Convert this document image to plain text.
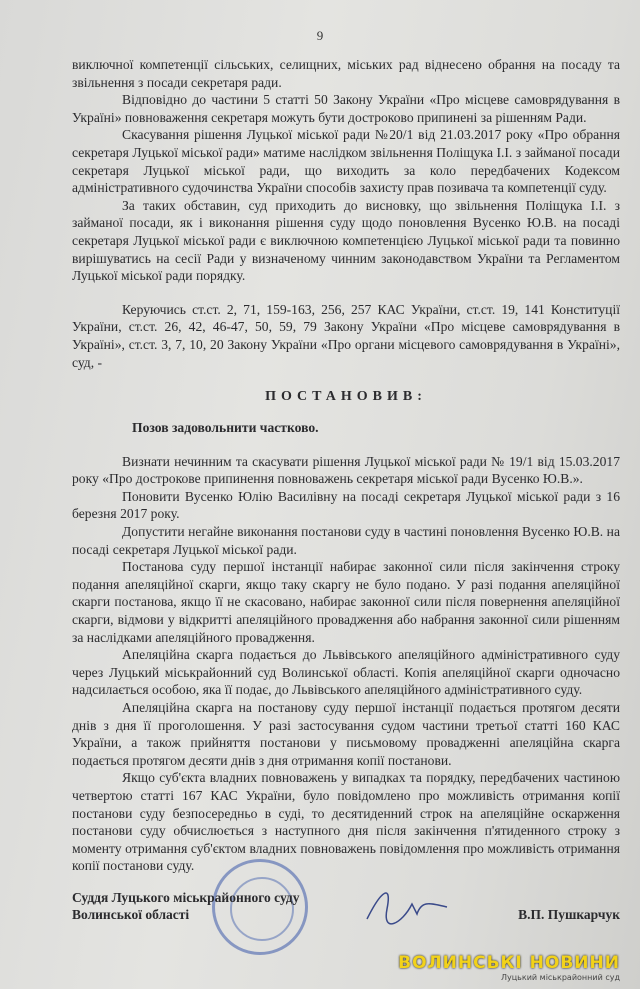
9

виключної компетенції сільських, селищних, міських рад віднесено обрання на посаду та звільнення з посади секретаря ради.

Відповідно до частини 5 статті 50 Закону України «Про місцеве самоврядування в Україні» повноваження секретаря можуть бути достроково припинені за рішенням Ради.

Скасування рішення Луцької міської ради №20/1 від 21.03.2017 року «Про обрання секретаря Луцької міської ради» матиме наслідком звільнення Поліщука І.І. з займаної посади секретаря Луцької міської ради, що виходить за коло передбачених Кодексом адміністративного судочинства України способів захисту прав позивача та компетенції суду.

За таких обставин, суд приходить до висновку, що звільнення Поліщука І.І. з займаної посади, як і виконання рішення суду щодо поновлення Вусенко Ю.В. на посаді секретаря Луцької міської ради є виключною компетенцією Луцької міської ради та повинно вирішуватись на сесії Ради у визначеному чинним законодавством України та Регламентом Луцької міської ради порядку.

Керуючись ст.ст. 2, 71, 159-163, 256, 257 КАС України, ст.ст. 19, 141 Конституції України, ст.ст. 26, 42, 46-47, 50, 59, 79 Закону України «Про місцеве самоврядування в Україні», ст.ст. 3, 7, 10, 20 Закону України «Про органи місцевого самоврядування в Україні», суд, -

ПОСТАНОВИВ:

Позов задовольнити частково.

Визнати нечинним та скасувати рішення Луцької міської ради № 19/1 від 15.03.2017 року «Про дострокове припинення повноважень секретаря міської ради Вусенко Ю.В.».

Поновити Вусенко Юлію Василівну на посаді секретаря Луцької міської ради з 16 березня 2017 року.

Допустити негайне виконання постанови суду в частині поновлення Вусенко Ю.В. на посаді секретаря Луцької міської ради.

Постанова суду першої інстанції набирає законної сили після закінчення строку подання апеляційної скарги, якщо таку скаргу не було подано. У разі подання апеляційної скарги постанова, якщо її не скасовано, набирає законної сили після повернення апеляційної скарги, відмови у відкритті апеляційного провадження або набрання законної сили рішенням за наслідками апеляційного провадження.

Апеляційна скарга подається до Львівського апеляційного адміністративного суду через Луцький міськрайонний суд Волинської області. Копія апеляційної скарги одночасно надсилається особою, яка її подає, до Львівського апеляційного адміністративного суду.

Апеляційна скарга на постанову суду першої інстанції подається протягом десяти днів з дня її проголошення. У разі застосування судом частини третьої статті 160 КАС України, а також прийняття постанови у письмовому провадженні апеляційна скарга подається протягом десяти днів з дня отримання копії постанови.

Якщо суб'єкта владних повноважень у випадках та порядку, передбачених частиною четвертою статті 167 КАС України, було повідомлено про можливість отримання копії постанови суду безпосередньо в суді, то десятиденний строк на апеляційне оскарження постанови суду обчислюється з наступного дня після закінчення п'ятиденного строку з моменту отримання суб'єктом владних повноважень повідомлення про можливість отримання копії постанови суду.

Суддя Луцького міськрайонного суду
Волинської області	В.П. Пушкарчук
ВОЛИНСЬКІ НОВИНИ
Луцький міськрайонний суд
